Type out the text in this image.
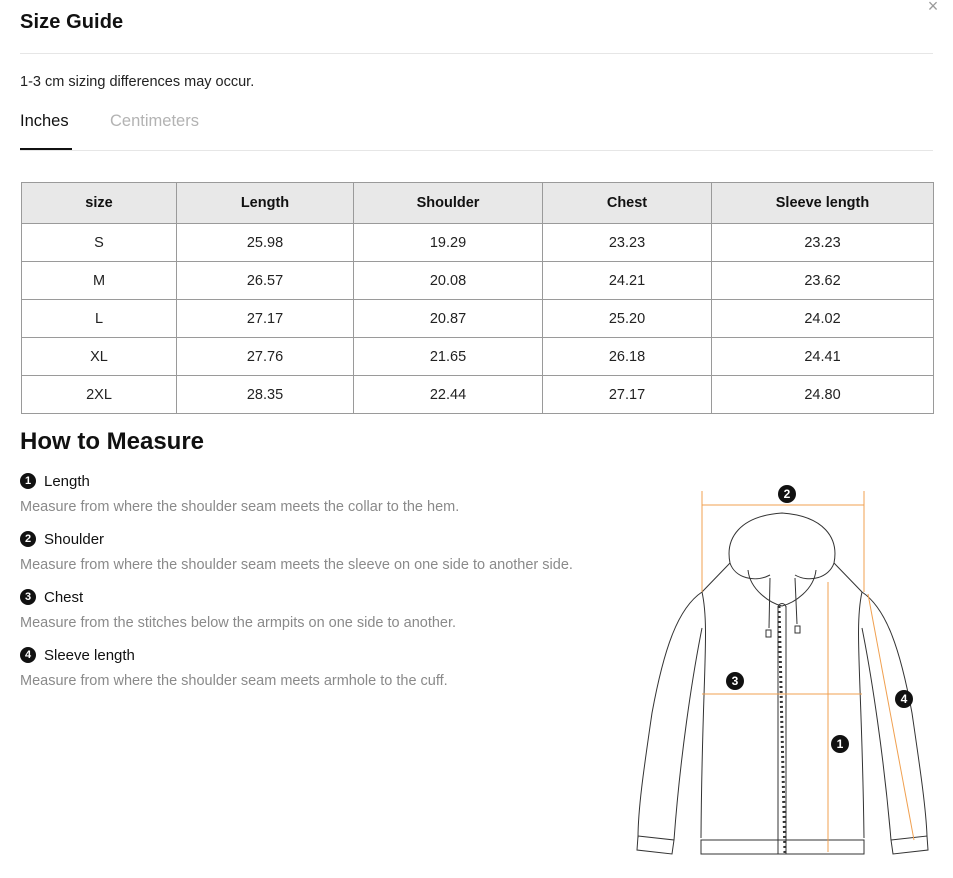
×
Size Guide
1-3 cm sizing differences may occur.
Inches	Centimeters
size	Length	Shoulder	Chest	Sleeve length
S	25.98	19.29	23.23	23.23
M	26.57	20.08	24.21	23.62
L	27.17	20.87	25.20	24.02
XL	27.76	21.65	26.18	24.41
2XL	28.35	22.44	27.17	24.80
How to Measure
1 Length
Measure from where the shoulder seam meets the collar to the hem.
2 Shoulder
Measure from where the shoulder seam meets the sleeve on one side to another side.
3 Chest
Measure from the stitches below the armpits on one side to another.
4 Sleeve length
Measure from where the shoulder seam meets armhole to the cuff.
2
3
1
4
